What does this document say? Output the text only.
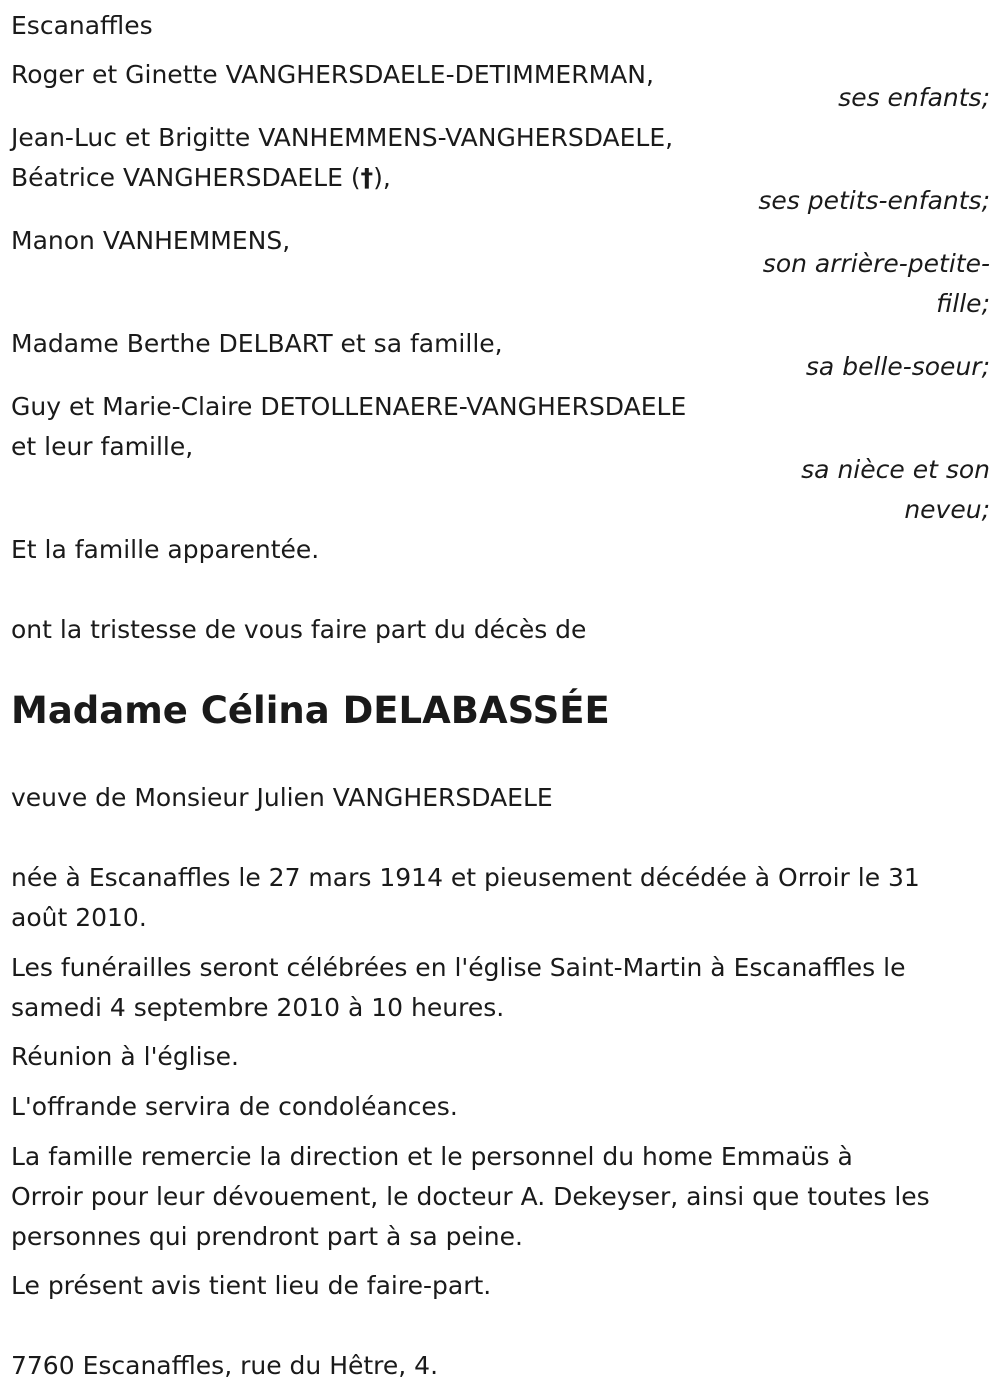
Escanaffles
Roger et Ginette VANGHERSDAELE-DETIMMERMAN,
ses enfants;
Jean-Luc et Brigitte VANHEMMENS-VANGHERSDAELE,
Béatrice VANGHERSDAELE (†),
ses petits-enfants;
Manon VANHEMMENS,
son arrière-petite-
fille;
Madame Berthe DELBART et sa famille,
sa belle-soeur;
Guy et Marie-Claire DETOLLENAERE-VANGHERSDAELE
et leur famille,
sa nièce et son
neveu;
Et la famille apparentée.
ont la tristesse de vous faire part du décès de
Madame Célina DELABASSÉE
veuve de Monsieur Julien VANGHERSDAELE
née à Escanaffles le 27 mars 1914 et pieusement décédée à Orroir le 31
août 2010.
Les funérailles seront célébrées en l'église Saint-Martin à Escanaffles le
samedi 4 septembre 2010 à 10 heures.
Réunion à l'église.
L'offrande servira de condoléances.
La famille remercie la direction et le personnel du home Emmaüs à
Orroir pour leur dévouement, le docteur A. Dekeyser, ainsi que toutes les
personnes qui prendront part à sa peine.
Le présent avis tient lieu de faire-part.
7760 Escanaffles, rue du Hêtre, 4.
